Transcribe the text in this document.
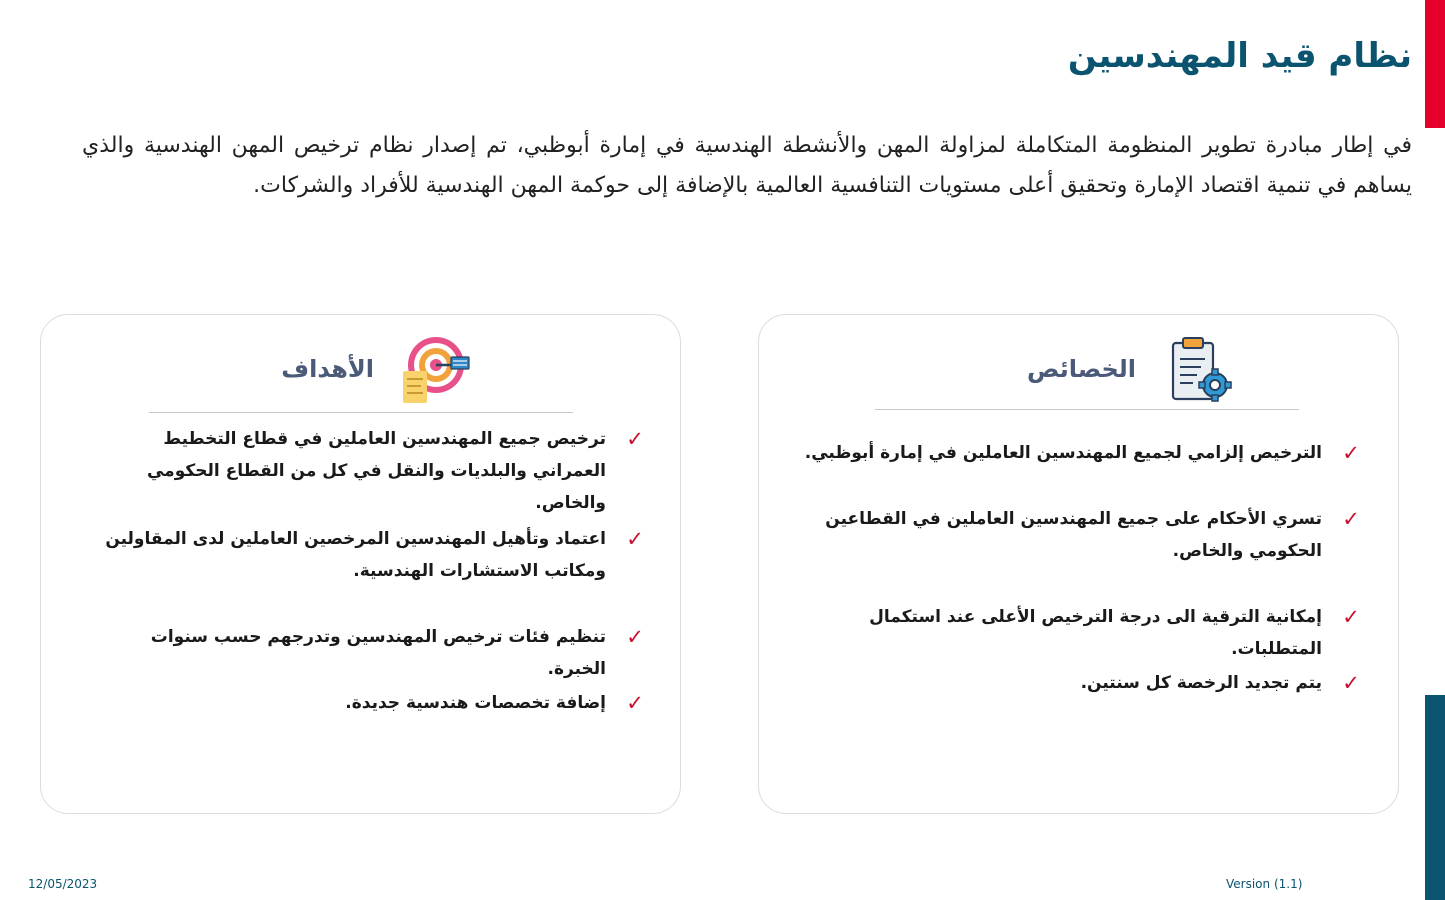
نظام قيد المهندسين

في إطار مبادرة تطوير المنظومة المتكاملة لمزاولة المهن والأنشطة الهندسية في إمارة أبوظبي، تم إصدار نظام ترخيص المهن الهندسية والذي يساهم في تنمية اقتصاد الإمارة وتحقيق أعلى مستويات التنافسية العالمية بالإضافة إلى حوكمة المهن الهندسية للأفراد والشركات.

الأهداف
✓
ترخيص جميع المهندسين العاملين في قطاع التخطيط العمراني والبلديات والنقل في كل من القطاع الحكومي والخاص.
✓
اعتماد وتأهيل المهندسين المرخصين العاملين لدى المقاولين ومكاتب الاستشارات الهندسية.
✓
تنظيم فئات ترخيص المهندسين وتدرجهم حسب سنوات الخبرة.
✓
إضافة تخصصات هندسية جديدة.
الخصائص
✓
الترخيص إلزامي لجميع المهندسين العاملين في إمارة أبوظبي.
✓
تسري الأحكام على جميع المهندسين العاملين في القطاعين الحكومي والخاص.
✓
إمكانية الترقية الى درجة الترخيص الأعلى عند استكمال المتطلبات.
✓
يتم تجديد الرخصة كل سنتين.
12/05/2023	Version (1.1)
